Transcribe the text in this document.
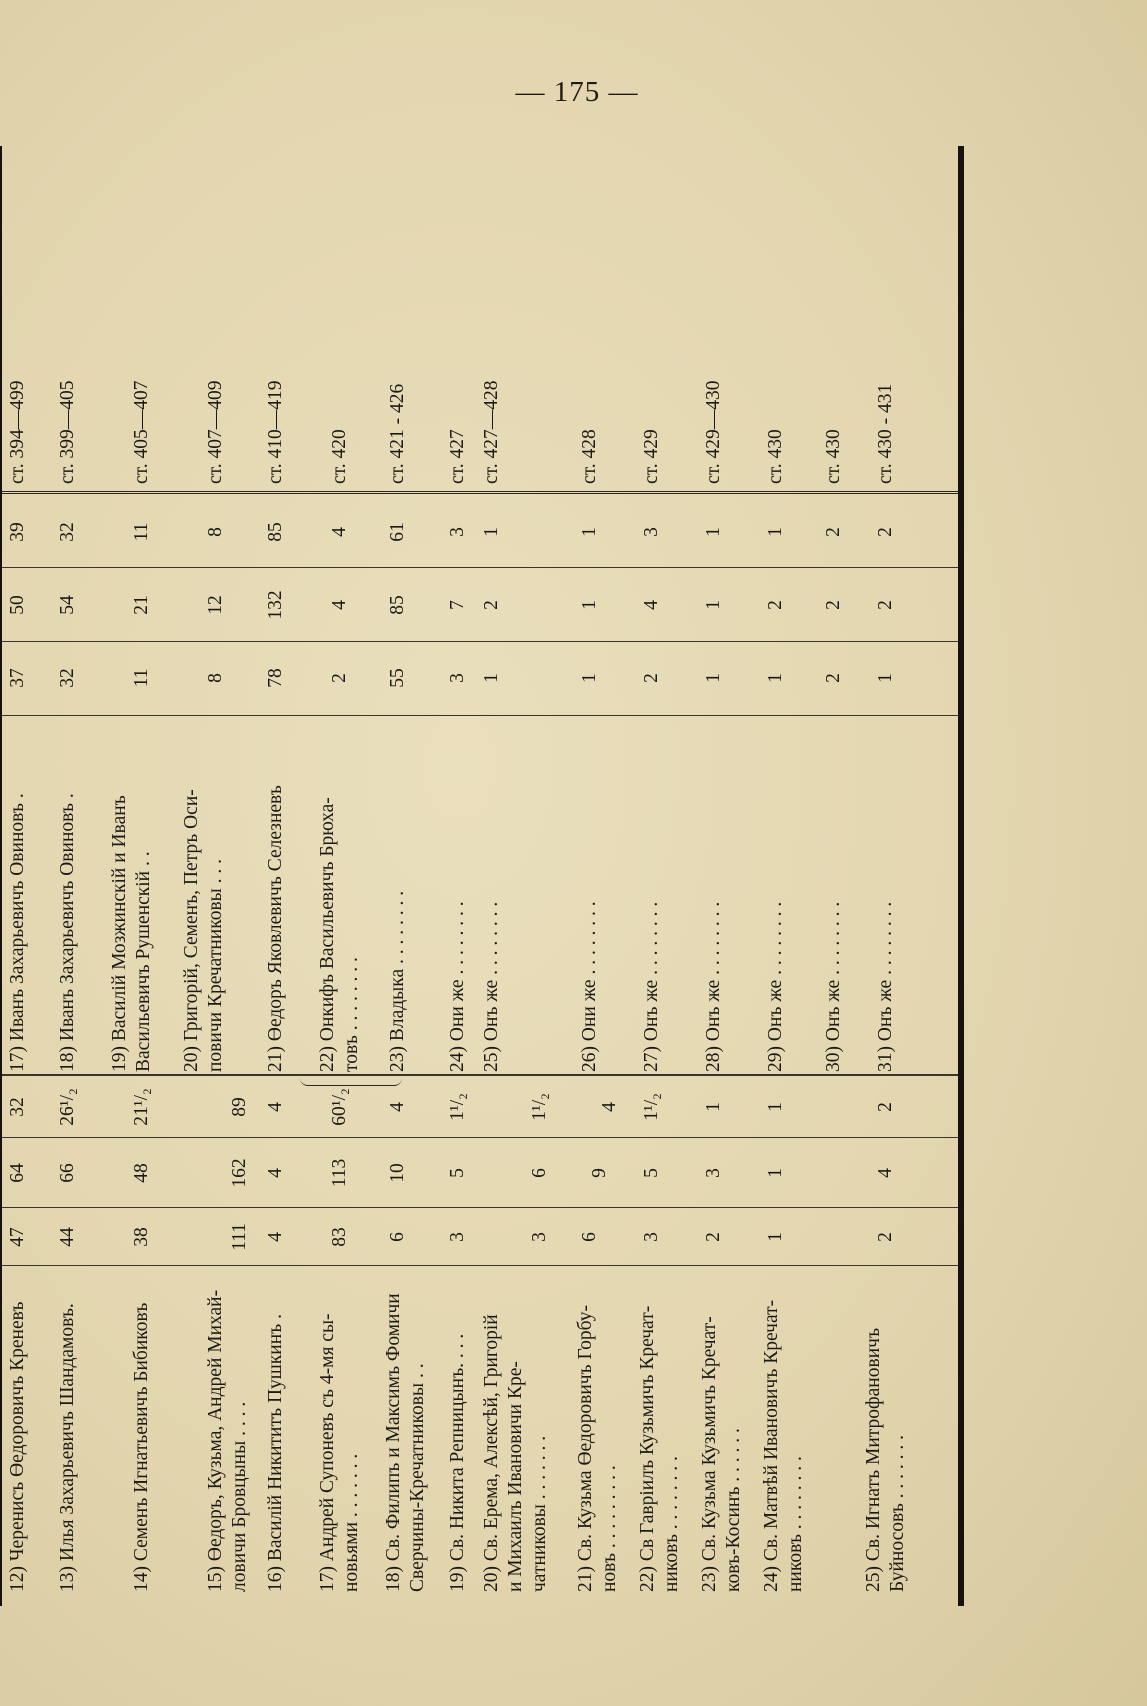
— 175 —
12) Черенисъ Өедоровичъ Креневъ
47
64
32
17) Иванъ Захарьевичъ Овиновъ .
37
50
39
ст. 394—499
13) Илья Захарьевичъ Шандамовъ.
44
66
26¹/₂
18) Иванъ Захарьевичъ Овиновъ .
32
54
32
ст. 399—405
14) Семенъ Игнатьевичъ Бибиковъ
38
48
21¹/₂
19) Василій Мозжинскій и Иванъ
Васильевичъ Рушенскій . .
11
21
11
ст. 405—407
15) Өедоръ, Кузьма, Андрей Михай-
ловичи Бровцыны . . . .
111
162
89
20) Григорій, Семенъ, Петръ Оси-
повичи Кречатниковы . . .
8
12
8
ст. 407—409
16) Василій Никититъ Пушкинъ .
4
4
4
21) Өедоръ Яковлевичъ Селезневъ
78
132
85
ст. 410—419
17) Андрей Супоневъ съ 4-мя сы-
новьями . . . . . . .
83
113
60¹/₂
22) Онкифъ Васильевичъ Брюха-
товъ . . . . . . . .
2
4
4
ст. 420
18) Св. Филипъ и Максимъ Фомичи
Сверчины-Кречатниковы . .
6
10
4
23) Владыка . . . . . . . .
55
85
61
ст. 421 - 426
19) Св. Никита Репницынъ. . . .
3
5
1¹/₂
24) Они же . . . . . . . .
3
7
3
ст. 427
20) Св. Ерема, Алексѣй, Григорій
и Михаилъ Ивановичи Кре-
чатниковы . . . . . . .
3
6
1¹/₂
25) Онъ же . . . . . . . .
1
2
1
ст. 427—428
21) Св. Кузьма Өедоровичъ Горбу-
новъ . . . . . . . . .
6
9
4
26) Они же . . . . . . . .
1
1
1
ст. 428
22) Св Гавріилъ Кузьмичъ Кречат-
никовъ . . . . . . . .
3
5
1¹/₂
27) Онъ же . . . . . . . .
2
4
3
ст. 429
23) Св. Кузьма Кузьмичъ Кречат-
ковъ-Косинъ . . . . . .
2
3
1
28) Онъ же . . . . . . . .
1
1
1
ст. 429—430
24) Св. Матвѣй Ивановичъ Кречат-
никовъ . . . . . . . .
1
1
1
29) Онъ же . . . . . . . .
1
2
1
ст. 430
30) Онъ же . . . . . . . .
2
2
2
ст. 430
25) Св. Игнатъ Митрофановичъ
Буйносовъ . . . . . . .
2
4
2
31) Онъ же . . . . . . . .
1
2
2
ст. 430 - 431
